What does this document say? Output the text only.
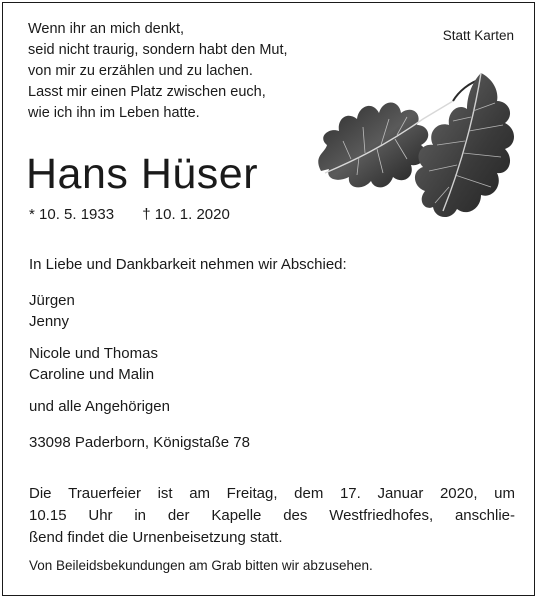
Wenn ihr an mich denkt,
seid nicht traurig, sondern habt den Mut,
von mir zu erzählen und zu lachen.
Lasst mir einen Platz zwischen euch,
wie ich ihn im Leben hatte.
Statt Karten
Hans Hüser
* 10. 5. 1933 † 10. 1. 2020
In Liebe und Dankbarkeit nehmen wir Abschied:
Jürgen
Jenny
Nicole und Thomas
Caroline und Malin
und alle Angehörigen
33098 Paderborn, Königstaße 78
Die Trauerfeier ist am Freitag, dem 17. Januar 2020, um
10.15 Uhr in der Kapelle des Westfriedhofes, anschlie-
ßend findet die Urnenbeisetzung statt.
Von Beileidsbekundungen am Grab bitten wir abzusehen.
